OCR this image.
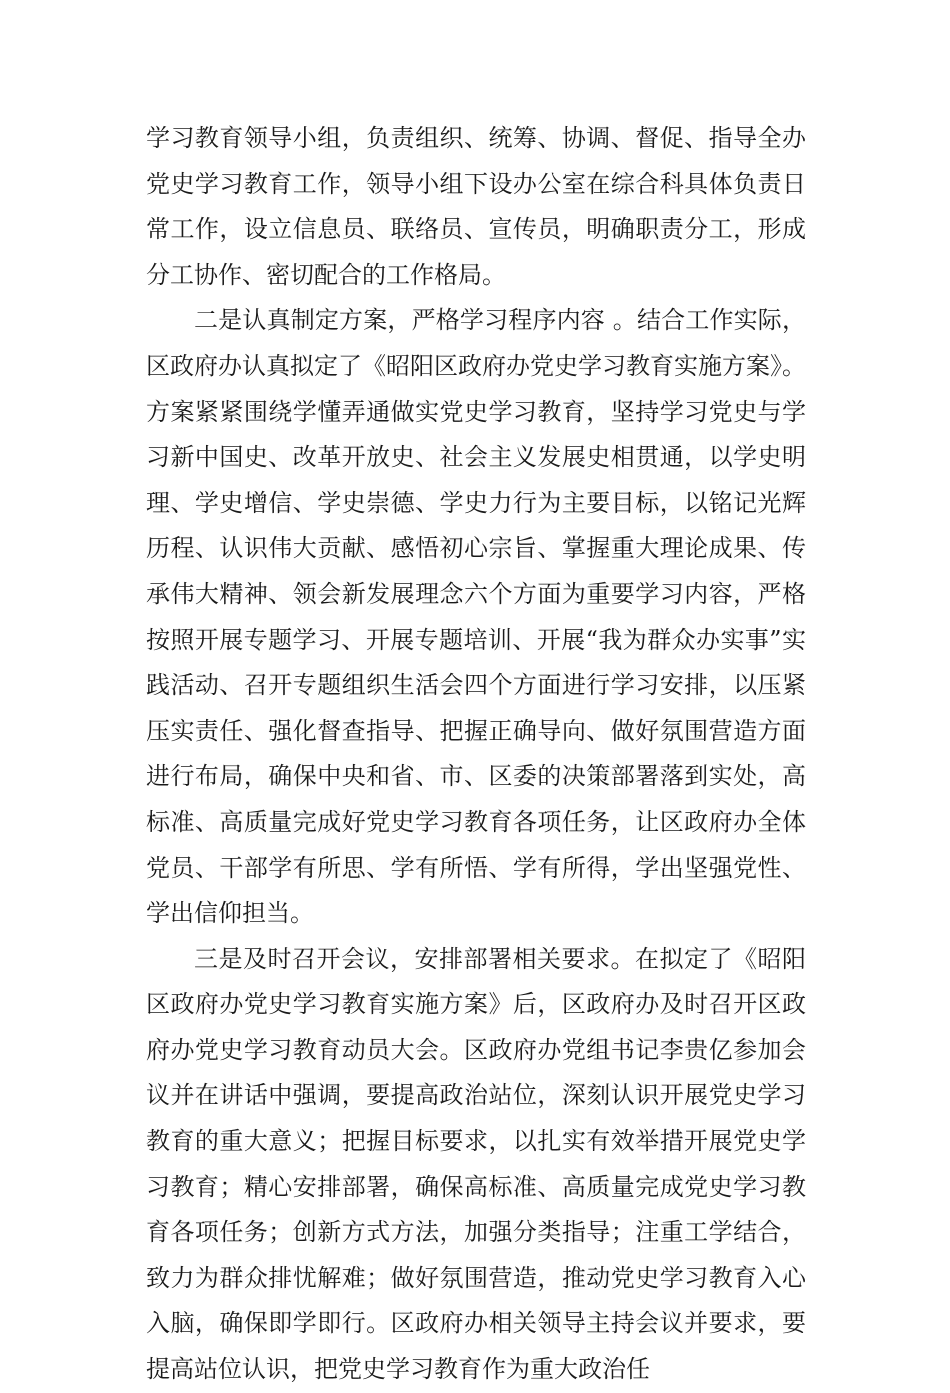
学习教育领导小组，负责组织、统筹、协调、督促、指导全办党史学习教育工作，领导小组下设办公室在综合科具体负责日常工作，设立信息员、联络员、宣传员，明确职责分工，形成分工协作、密切配合的工作格局。

二是认真制定方案，严格学习程序内容 。结合工作实际，区政府办认真拟定了《昭阳区政府办党史学习教育实施方案》。方案紧紧围绕学懂弄通做实党史学习教育，坚持学习党史与学习新中国史、改革开放史、社会主义发展史相贯通，以学史明理、学史增信、学史崇德、学史力行为主要目标，以铭记光辉历程、认识伟大贡献、感悟初心宗旨、掌握重大理论成果、传承伟大精神、领会新发展理念六个方面为重要学习内容，严格按照开展专题学习、开展专题培训、开展“我为群众办实事”实践活动、召开专题组织生活会四个方面进行学习安排，以压紧压实责任、强化督查指导、把握正确导向、做好氛围营造方面进行布局，确保中央和省、市、区委的决策部署落到实处，高标准、高质量完成好党史学习教育各项任务，让区政府办全体党员、干部学有所思、学有所悟、学有所得，学出坚强党性、学出信仰担当。

三是及时召开会议，安排部署相关要求。在拟定了《昭阳区政府办党史学习教育实施方案》后，区政府办及时召开区政府办党史学习教育动员大会。区政府办党组书记李贵亿参加会议并在讲话中强调，要提高政治站位，深刻认识开展党史学习教育的重大意义；把握目标要求，以扎实有效举措开展党史学习教育；精心安排部署，确保高标准、高质量完成党史学习教育各项任务；创新方式方法，加强分类指导；注重工学结合，致力为群众排忧解难；做好氛围营造，推动党史学习教育入心入脑，确保即学即行。区政府办相关领导主持会议并要求，要提高站位认识，把党史学习教育作为重大政治任
